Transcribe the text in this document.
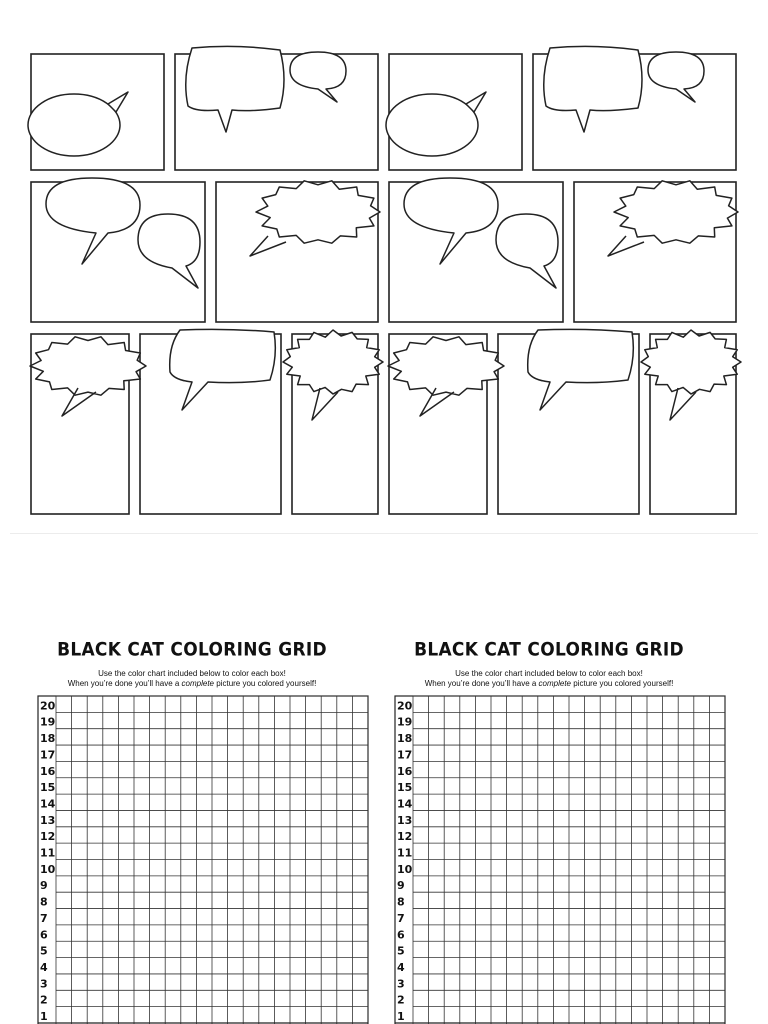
BLACK CAT COLORING GRID
Use the color chart included below to color each box!
When you’re done you’ll have a complete picture you colored yourself!
20
19
18
17
16
15
14
13
12
11
10
9
8
7
6
5
4
3
2
1
BLACK CAT COLORING GRID
Use the color chart included below to color each box!
When you’re done you’ll have a complete picture you colored yourself!
20
19
18
17
16
15
14
13
12
11
10
9
8
7
6
5
4
3
2
1
